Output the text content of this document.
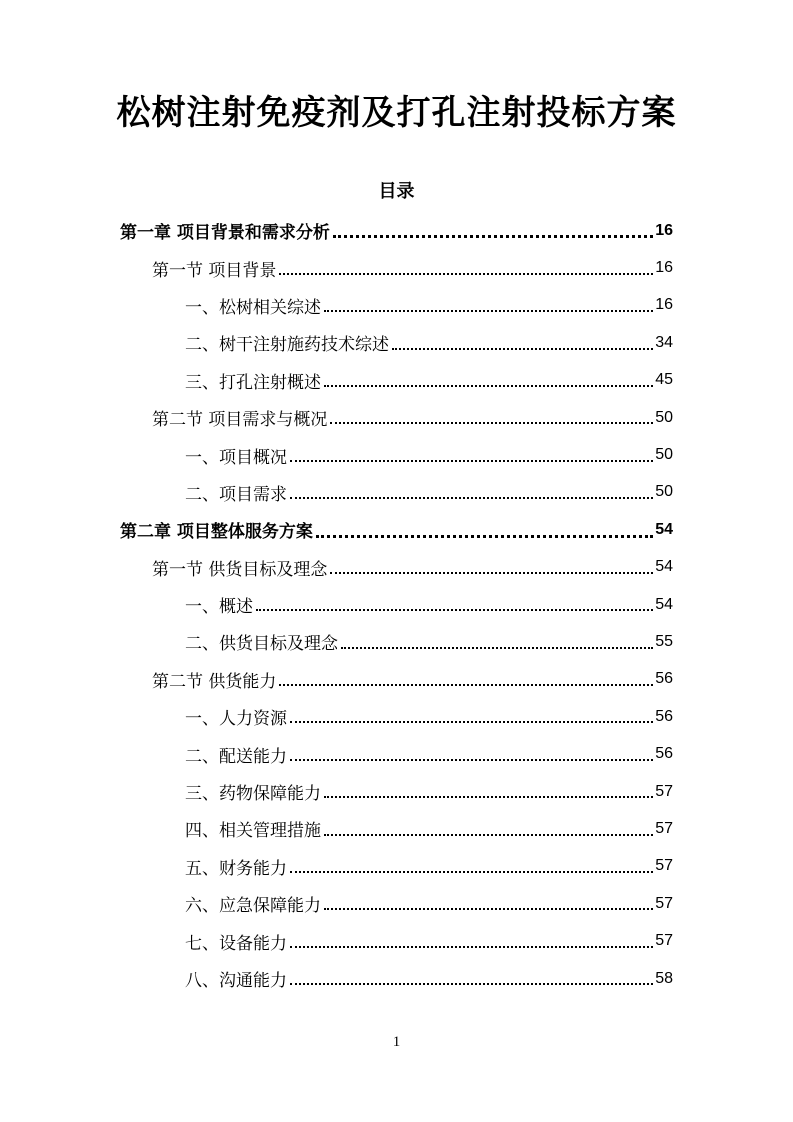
松树注射免疫剂及打孔注射投标方案
目录
第一章 项目背景和需求分析	16
第一节 项目背景	16
一、松树相关综述	16
二、树干注射施药技术综述	34
三、打孔注射概述	45
第二节 项目需求与概况	50
一、项目概况	50
二、项目需求	50
第二章 项目整体服务方案	54
第一节 供货目标及理念	54
一、概述	54
二、供货目标及理念	55
第二节 供货能力	56
一、人力资源	56
二、配送能力	56
三、药物保障能力	57
四、相关管理措施	57
五、财务能力	57
六、应急保障能力	57
七、设备能力	57
八、沟通能力	58
1
